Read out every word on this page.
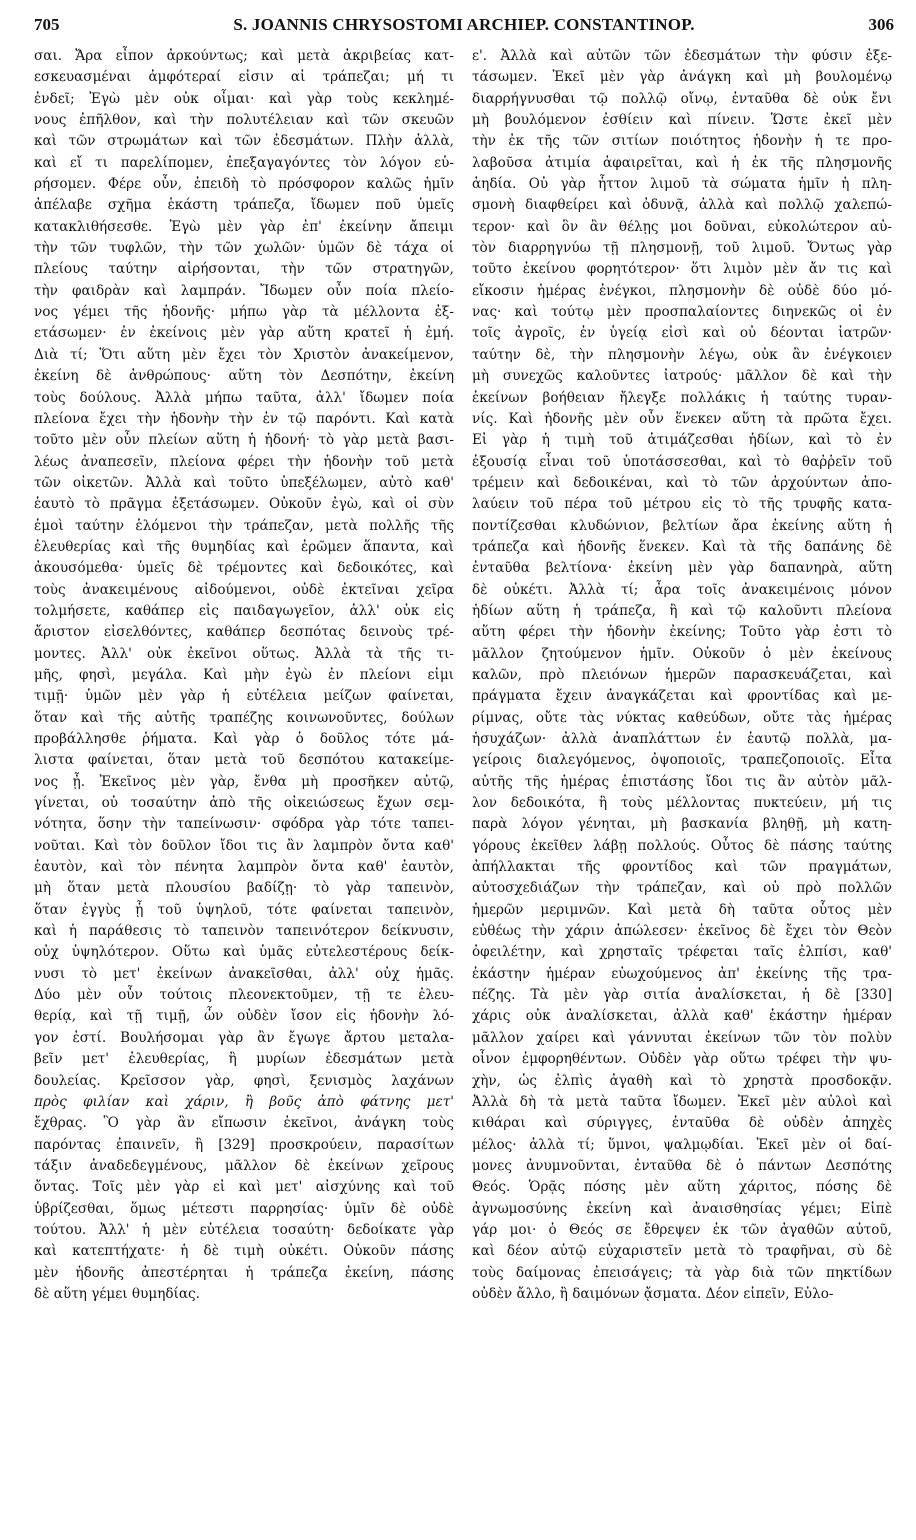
705	S. JOANNIS CHRYSOSTOMI ARCHIEP. CONSTANTINOP.	306
σαι. Ἄρα εἶπον ἀρκούντως; καὶ μετὰ ἀκριβείας κατ-
εσκευασμέναι ἀμφότεραί εἰσιν αἱ τράπεζαι; μή τι
ἐνδεῖ; Ἐγὼ μὲν οὐκ οἶμαι· καὶ γὰρ τοὺς κεκλημέ-
νους ἐπῆλθον, καὶ τὴν πολυτέλειαν καὶ τῶν σκευῶν
καὶ τῶν στρωμάτων καὶ τῶν ἐδεσμάτων. Πλὴν ἀλλὰ,
καὶ εἴ τι παρελίπομεν, ἐπεξαγαγόντες τὸν λόγον εὑ-
ρήσομεν. Φέρε οὖν, ἐπειδὴ τὸ πρόσφορον καλῶς ἡμῖν
ἀπέλαβε σχῆμα ἑκάστη τράπεζα, ἴδωμεν ποῦ ὑμεῖς
κατακλιθήσεσθε. Ἐγὼ μὲν γὰρ ἐπ' ἐκείνην ἄπειμι
τὴν τῶν τυφλῶν, τὴν τῶν χωλῶν· ὑμῶν δὲ τάχα οἱ
πλείους ταύτην αἱρήσονται, τὴν τῶν στρατηγῶν,
τὴν φαιδρὰν καὶ λαμπράν. Ἴδωμεν οὖν ποία πλείο-
νος γέμει τῆς ἡδονῆς· μήπω γὰρ τὰ μέλλοντα ἐξ-
ετάσωμεν· ἐν ἐκείνοις μὲν γὰρ αὕτη κρατεῖ ἡ ἐμή.
Διὰ τί; Ὅτι αὕτη μὲν ἔχει τὸν Χριστὸν ἀνακείμενον,
ἐκείνη δὲ ἀνθρώπους· αὕτη τὸν Δεσπότην, ἐκείνη
τοὺς δούλους. Ἀλλὰ μήπω ταῦτα, ἀλλ' ἴδωμεν ποία
πλείονα ἔχει τὴν ἡδονὴν τὴν ἐν τῷ παρόντι. Καὶ κατὰ
τοῦτο μὲν οὖν πλείων αὕτη ἡ ἡδονή· τὸ γὰρ μετὰ βασι-
λέως ἀναπεσεῖν, πλείονα φέρει τὴν ἡδονὴν τοῦ μετὰ
τῶν οἰκετῶν. Ἀλλὰ καὶ τοῦτο ὑπεξέλωμεν, αὐτὸ καθ'
ἑαυτὸ τὸ πρᾶγμα ἐξετάσωμεν. Οὐκοῦν ἐγὼ, καὶ οἱ σὺν
ἐμοὶ ταύτην ἑλόμενοι τὴν τράπεζαν, μετὰ πολλῆς τῆς
ἐλευθερίας καὶ τῆς θυμηδίας καὶ ἐρῶμεν ἅπαντα, καὶ
ἀκουσόμεθα· ὑμεῖς δὲ τρέμοντες καὶ δεδοικότες, καὶ
τοὺς ἀνακειμένους αἰδούμενοι, οὐδὲ ἐκτεῖναι χεῖρα
τολμήσετε, καθάπερ εἰς παιδαγωγεῖον, ἀλλ' οὐκ εἰς
ἄριστον εἰσελθόντες, καθάπερ δεσπότας δεινοὺς τρέ-
μοντες. Ἀλλ' οὐκ ἐκεῖνοι οὕτως. Ἀλλὰ τὰ τῆς τι-
μῆς, φησὶ, μεγάλα. Καὶ μὴν ἐγὼ ἐν πλείονι εἰμι
τιμῇ· ὑμῶν μὲν γὰρ ἡ εὐτέλεια μείζων φαίνεται,
ὅταν καὶ τῆς αὐτῆς τραπέζης κοινωνοῦντες, δούλων
προβάλλησθε ῥήματα. Καὶ γὰρ ὁ δοῦλος τότε μά-
λιστα φαίνεται, ὅταν μετὰ τοῦ δεσπότου κατακείμε-
νος ᾖ. Ἐκεῖνος μὲν γὰρ, ἔνθα μὴ προσῆκεν αὐτῷ,
γίνεται, οὐ τοσαύτην ἀπὸ τῆς οἰκειώσεως ἔχων σεμ-
νότητα, ὅσην τὴν ταπείνωσιν· σφόδρα γὰρ τότε ταπει-
νοῦται. Καὶ τὸν δοῦλον ἴδοι τις ἂν λαμπρὸν ὄντα καθ'
ἑαυτὸν, καὶ τὸν πένητα λαμπρὸν ὄντα καθ' ἑαυτὸν,
μὴ ὅταν μετὰ πλουσίου βαδίζῃ· τὸ γὰρ ταπεινὸν,
ὅταν ἐγγὺς ᾖ τοῦ ὑψηλοῦ, τότε φαίνεται ταπεινὸν,
καὶ ἡ παράθεσις τὸ ταπεινὸν ταπεινότερον δείκνυσιν,
οὐχ ὑψηλότερον. Οὕτω καὶ ὑμᾶς εὐτελεστέρους δείκ-
νυσι τὸ μετ' ἐκείνων ἀνακεῖσθαι, ἀλλ' οὐχ ἡμᾶς.
Δύο μὲν οὖν τούτοις πλεονεκτοῦμεν, τῇ τε ἐλευ-
θερίᾳ, καὶ τῇ τιμῇ, ὧν οὐδὲν ἴσον εἰς ἡδονὴν λό-
γον ἐστί. Βουλήσομαι γὰρ ἂν ἔγωγε ἄρτου μεταλα-
βεῖν μετ' ἐλευθερίας, ἢ μυρίων ἐδεσμάτων μετὰ
δουλείας. Κρεῖσσον γὰρ, φησὶ, ξενισμὸς λαχάνων
πρὸς φιλίαν καὶ χάριν, ἢ βοῦς ἀπὸ φάτνης μετ'
ἔχθρας. Ὃ γὰρ ἂν εἴπωσιν ἐκεῖνοι, ἀνάγκη τοὺς
παρόντας ἐπαινεῖν, ἢ [329] προσκρούειν, παρασίτων
τάξιν ἀναδεδεγμένους, μᾶλλον δὲ ἐκείνων χεῖρους
ὄντας. Τοῖς μὲν γὰρ εἰ καὶ μετ' αἰσχύνης καὶ τοῦ
ὑβρίζεσθαι, ὅμως μέτεστι παρρησίας· ὑμῖν δὲ οὐδὲ
τούτου. Ἀλλ' ἡ μὲν εὐτέλεια τοσαύτη· δεδοίκατε γὰρ
καὶ κατεπτήχατε· ἡ δὲ τιμὴ οὐκέτι. Οὐκοῦν πάσης
μὲν ἡδονῆς ἀπεστέρηται ἡ τράπεζα ἐκείνη, πάσης
δὲ αὕτη γέμει θυμηδίας.
ε'. Ἀλλὰ καὶ αὐτῶν τῶν ἐδεσμάτων τὴν φύσιν ἐξε-
τάσωμεν. Ἐκεῖ μὲν γὰρ ἀνάγκη καὶ μὴ βουλομένῳ
διαρρήγνυσθαι τῷ πολλῷ οἴνῳ, ἐνταῦθα δὲ οὐκ ἔνι
μὴ βουλόμενον ἐσθίειν καὶ πίνειν. Ὥστε ἐκεῖ μὲν
τὴν ἐκ τῆς τῶν σιτίων ποιότητος ἡδονὴν ἡ τε προ-
λαβοῦσα ἀτιμία ἀφαιρεῖται, καὶ ἡ ἐκ τῆς πλησμονῆς
ἀηδία. Οὐ γὰρ ἧττον λιμοῦ τὰ σώματα ἡμῖν ἡ πλη-
σμονὴ διαφθείρει καὶ ὀδυνᾷ, ἀλλὰ καὶ πολλῷ χαλεπώ-
τερον· καὶ ὃν ἂν θέλῃς μοι δοῦναι, εὐκολώτερον αὐ-
τὸν διαρρηγνύω τῇ πλησμονῇ, τοῦ λιμοῦ. Ὄντως γὰρ
τοῦτο ἐκείνου φορητότερον· ὅτι λιμὸν μὲν ἄν τις καὶ
εἴκοσιν ἡμέρας ἐνέγκοι, πλησμονὴν δὲ οὐδὲ δύο μό-
νας· καὶ τούτῳ μὲν προσπαλαίοντες διηνεκῶς οἱ ἐν
τοῖς ἀγροῖς, ἐν ὑγείᾳ εἰσὶ καὶ οὐ δέονται ἰατρῶν·
ταύτην δὲ, τὴν πλησμονὴν λέγω, οὐκ ἂν ἐνέγκοιεν
μὴ συνεχῶς καλοῦντες ἰατρούς· μᾶλλον δὲ καὶ τὴν
ἐκείνων βοήθειαν ἤλεγξε πολλάκις ἡ ταύτης τυραν-
νίς. Καὶ ἡδονῆς μὲν οὖν ἕνεκεν αὕτη τὰ πρῶτα ἔχει.
Εἰ γὰρ ἡ τιμὴ τοῦ ἀτιμάζεσθαι ἡδίων, καὶ τὸ ἐν
ἐξουσίᾳ εἶναι τοῦ ὑποτάσσεσθαι, καὶ τὸ θαῤῥεῖν τοῦ
τρέμειν καὶ δεδοικέναι, καὶ τὸ τῶν ἀρχούντων ἀπο-
λαύειν τοῦ πέρα τοῦ μέτρου εἰς τὸ τῆς τρυφῆς κατα-
ποντίζεσθαι κλυδώνιον, βελτίων ἄρα ἐκείνης αὕτη ἡ
τράπεζα καὶ ἡδονῆς ἕνεκεν. Καὶ τὰ τῆς δαπάνης δὲ
ἐνταῦθα βελτίονα· ἐκείνη μὲν γὰρ δαπανηρὰ, αὕτη
δὲ οὐκέτι. Ἀλλὰ τί; ἆρα τοῖς ἀνακειμένοις μόνον
ἡδίων αὕτη ἡ τράπεζα, ἢ καὶ τῷ καλοῦντι πλείονα
αὕτη φέρει τὴν ἡδονὴν ἐκείνης; Τοῦτο γὰρ ἐστι τὸ
μᾶλλον ζητούμενον ἡμῖν. Οὐκοῦν ὁ μὲν ἐκείνους
καλῶν, πρὸ πλειόνων ἡμερῶν παρασκευάζεται, καὶ
πράγματα ἔχειν ἀναγκάζεται καὶ φροντίδας καὶ με-
ρίμνας, οὔτε τὰς νύκτας καθεύδων, οὔτε τὰς ἡμέρας
ἡσυχάζων· ἀλλὰ ἀναπλάττων ἐν ἑαυτῷ πολλὰ, μα-
γείροις διαλεγόμενος, ὀψοποιοῖς, τραπεζοποιοῖς. Εἶτα
αὐτῆς τῆς ἡμέρας ἐπιστάσης ἴδοι τις ἂν αὐτὸν μᾶλ-
λον δεδοικότα, ἢ τοὺς μέλλοντας πυκτεύειν, μή τις
παρὰ λόγον γένηται, μὴ βασκανία βληθῇ, μὴ κατη-
γόρους ἐκεῖθεν λάβῃ πολλούς. Οὗτος δὲ πάσης ταύτης
ἀπήλλακται τῆς φροντίδος καὶ τῶν πραγμάτων,
αὐτοσχεδιάζων τὴν τράπεζαν, καὶ οὐ πρὸ πολλῶν
ἡμερῶν μεριμνῶν. Καὶ μετὰ δὴ ταῦτα οὗτος μὲν
εὐθέως τὴν χάριν ἀπώλεσεν· ἐκεῖνος δὲ ἔχει τὸν Θεὸν
ὀφειλέτην, καὶ χρησταῖς τρέφεται ταῖς ἐλπίσι, καθ'
ἑκάστην ἡμέραν εὐωχούμενος ἀπ' ἐκείνης τῆς τρα-
πέζης. Τὰ μὲν γὰρ σιτία ἀναλίσκεται, ἡ δὲ [330]
χάρις οὐκ ἀναλίσκεται, ἀλλὰ καθ' ἑκάστην ἡμέραν
μᾶλλον χαίρει καὶ γάννυται ἐκείνων τῶν τὸν πολὺν
οἶνον ἐμφορηθέντων. Οὐδὲν γὰρ οὕτω τρέφει τὴν ψυ-
χὴν, ὡς ἐλπὶς ἀγαθὴ καὶ τὸ χρηστὰ προσδοκᾷν.
Ἀλλὰ δὴ τὰ μετὰ ταῦτα ἴδωμεν. Ἐκεῖ μὲν αὐλοὶ καὶ
κιθάραι καὶ σύριγγες, ἐνταῦθα δὲ οὐδὲν ἀπηχὲς
μέλος· ἀλλὰ τί; ὕμνοι, ψαλμῳδίαι. Ἐκεῖ μὲν οἱ δαί-
μονες ἀνυμνοῦνται, ἐνταῦθα δὲ ὁ πάντων Δεσπότης
Θεός. Ὁρᾷς πόσης μὲν αὕτη χάριτος, πόσης δὲ
ἀγνωμοσύνης ἐκείνη καὶ ἀναισθησίας γέμει; Εἰπὲ
γάρ μοι· ὁ Θεός σε ἔθρεψεν ἐκ τῶν ἀγαθῶν αὐτοῦ,
καὶ δέον αὐτῷ εὐχαριστεῖν μετὰ τὸ τραφῆναι, σὺ δὲ
τοὺς δαίμονας ἐπεισάγεις; τὰ γὰρ διὰ τῶν πηκτίδων
οὐδὲν ἄλλο, ἢ δαιμόνων ᾄσματα. Δέον εἰπεῖν, Εὐλο-
